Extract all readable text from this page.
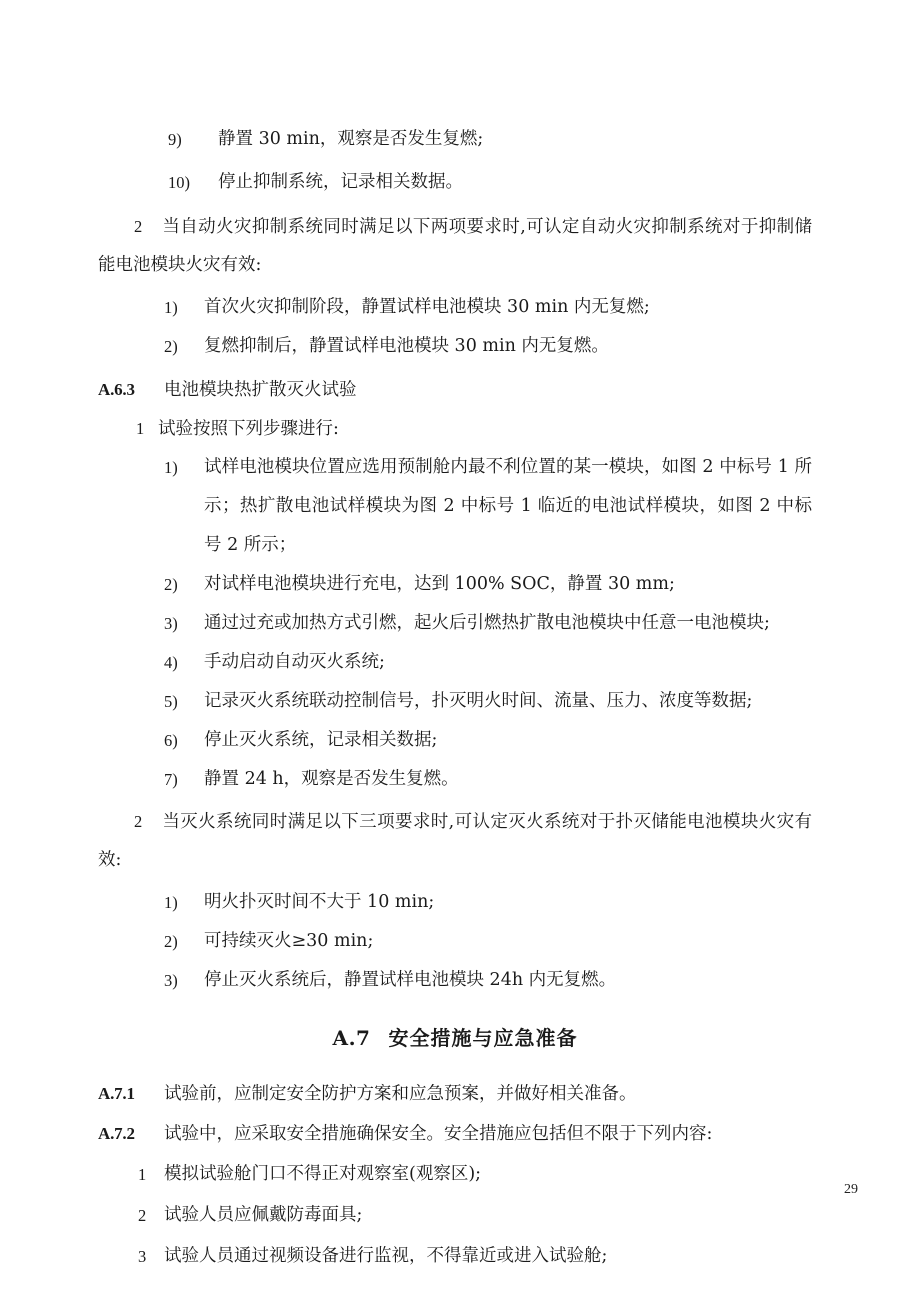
9)	静置 30 min，观察是否发生复燃;
10)	停止抑制系统，记录相关数据。

2 当自动火灾抑制系统同时满足以下两项要求时,可认定自动火灾抑制系统对于抑制储能电池模块火灾有效:

1)	首次火灾抑制阶段，静置试样电池模块 30 min 内无复燃;
2)	复燃抑制后，静置试样电池模块 30 min 内无复燃。
A.6.3 电池模块热扩散灭火试验
1 试验按照下列步骤进行:
1)	试样电池模块位置应选用预制舱内最不利位置的某一模块，如图 2 中标号 1 所示；热扩散电池试样模块为图 2 中标号 1 临近的电池试样模块，如图 2 中标号 2 所示；
2)	对试样电池模块进行充电，达到 100% SOC，静置 30 mm;
3)	通过过充或加热方式引燃，起火后引燃热扩散电池模块中任意一电池模块;
4)	手动启动自动灭火系统;
5)	记录灭火系统联动控制信号，扑灭明火时间、流量、压力、浓度等数据;
6)	停止灭火系统，记录相关数据;
7)	静置 24 h，观察是否发生复燃。

2 当灭火系统同时满足以下三项要求时,可认定灭火系统对于扑灭储能电池模块火灾有效:

1)	明火扑灭时间不大于 10 min;
2)	可持续灭火≥30 min;
3)	停止灭火系统后，静置试样电池模块 24h 内无复燃。
A.7 安全措施与应急准备
A.7.1 试验前，应制定安全防护方案和应急预案，并做好相关准备。
A.7.2 试验中，应采取安全措施确保安全。安全措施应包括但不限于下列内容:
1	模拟试验舱门口不得正对观察室(观察区);
2	试验人员应佩戴防毒面具;
3	试验人员通过视频设备进行监视，不得靠近或进入试验舱;
29
